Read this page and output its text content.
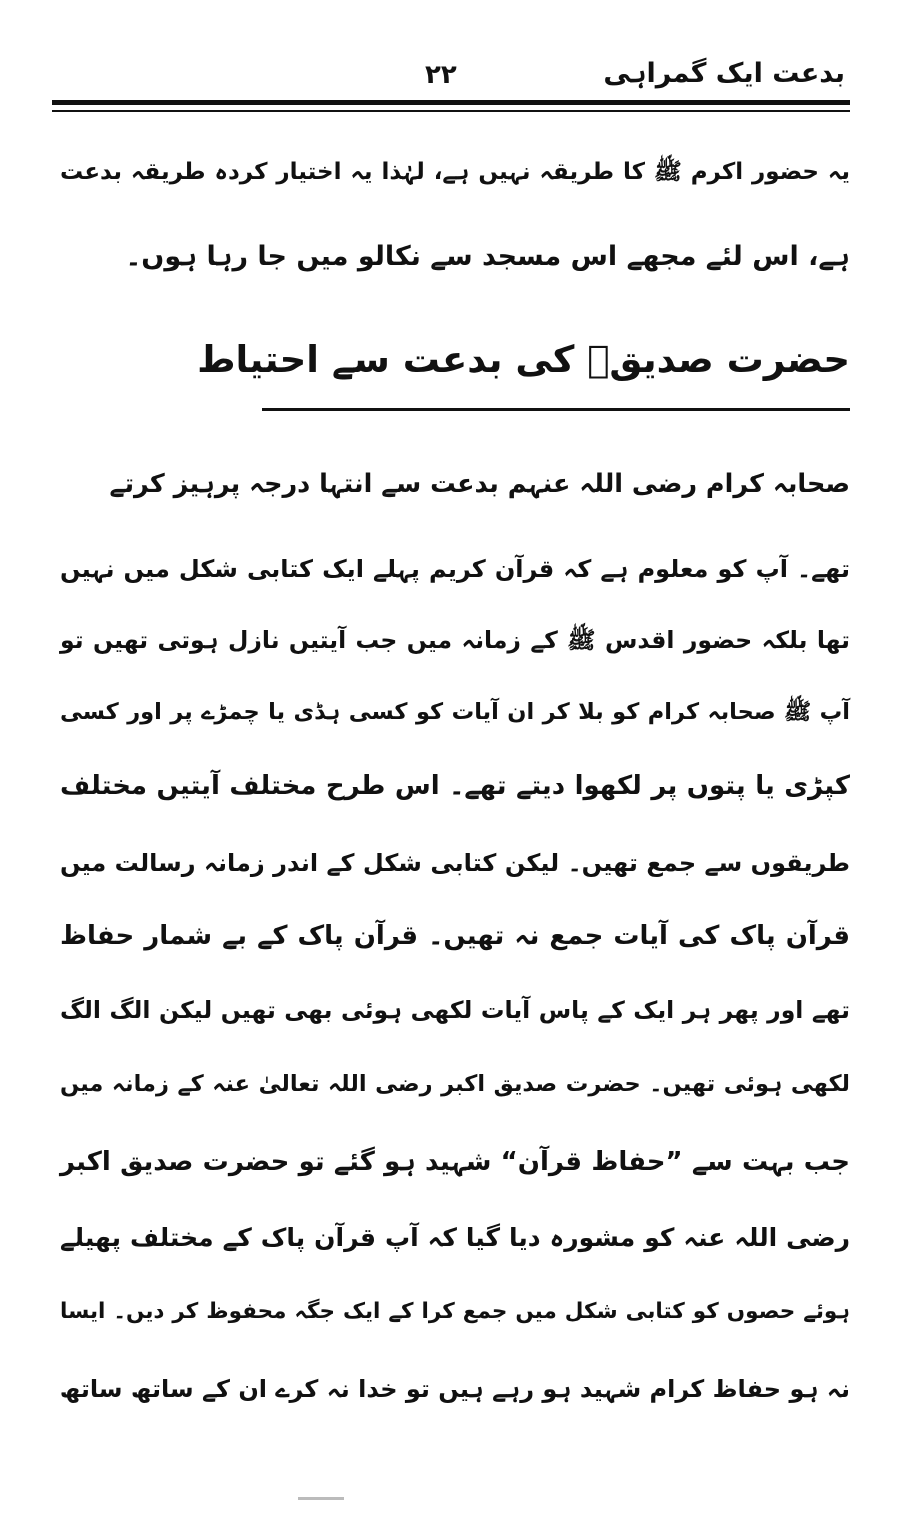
بدعت ایک گمراہی
۲۲
یہ حضور اکرم ﷺ کا طریقہ نہیں ہے، لہٰذا یہ اختیار کردہ طریقہ بدعت
ہے، اس لئے مجھے اس مسجد سے نکالو میں جا رہا ہوں۔
حضرت صدیقؓ کی بدعت سے احتیاط
صحابہ کرام رضی اللہ عنہم بدعت سے انتہا درجہ پرہیز کرتے
تھے۔ آپ کو معلوم ہے کہ قرآن کریم پہلے ایک کتابی شکل میں نہیں
تھا بلکہ حضور اقدس ﷺ کے زمانہ میں جب آیتیں نازل ہوتی تھیں تو
آپ ﷺ صحابہ کرام کو بلا کر ان آیات کو کسی ہڈی یا چمڑے پر اور کسی
کپڑی یا پتوں پر لکھوا دیتے تھے۔ اس طرح مختلف آیتیں مختلف
طریقوں سے جمع تھیں۔ لیکن کتابی شکل کے اندر زمانہ رسالت میں
قرآن پاک کی آیات جمع نہ تھیں۔ قرآن پاک کے بے شمار حفاظ
تھے اور پھر ہر ایک کے پاس آیات لکھی ہوئی بھی تھیں لیکن الگ الگ
لکھی ہوئی تھیں۔ حضرت صدیق اکبر رضی اللہ تعالیٰ عنہ کے زمانہ میں
جب بہت سے ”حفاظ قرآن“ شہید ہو گئے تو حضرت صدیق اکبر
رضی اللہ عنہ کو مشورہ دیا گیا کہ آپ قرآن پاک کے مختلف پھیلے
ہوئے حصوں کو کتابی شکل میں جمع کرا کے ایک جگہ محفوظ کر دیں۔ ایسا
نہ ہو حفاظ کرام شہید ہو رہے ہیں تو خدا نہ کرے ان کے ساتھ ساتھ
